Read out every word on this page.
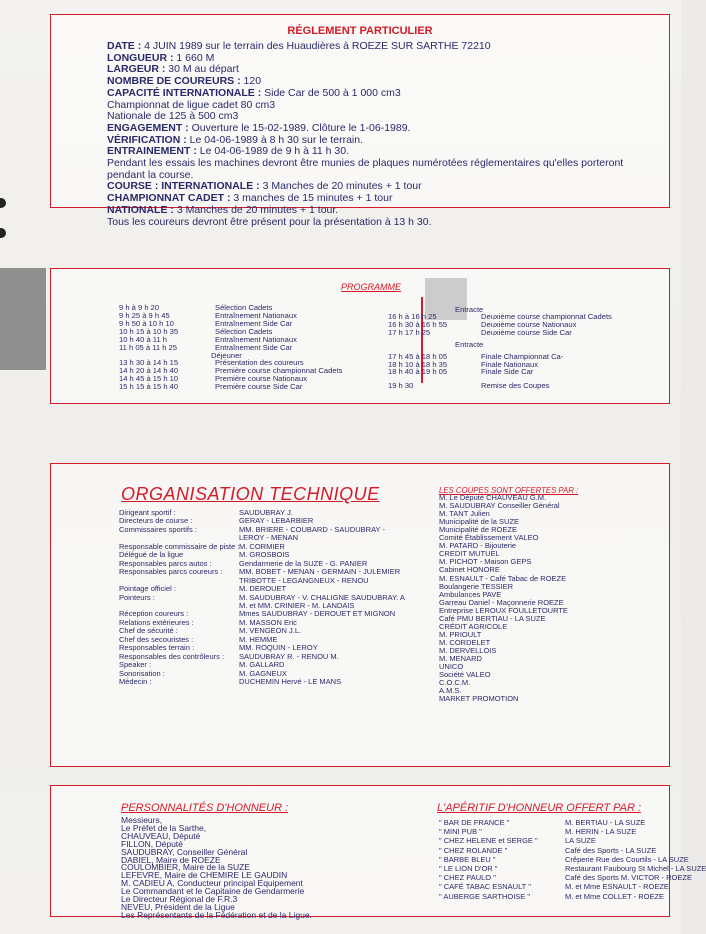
RÉGLEMENT PARTICULIER
DATE : 4 JUIN 1989 sur le terrain des Huaudières à ROEZE SUR SARTHE 72210
LONGUEUR : 1 660 M
LARGEUR : 30 M au départ
NOMBRE DE COUREURS : 120
CAPACITÉ INTERNATIONALE : Side Car de 500 à 1 000 cm3
Championnat de ligue cadet 80 cm3
Nationale de 125 à 500 cm3
ENGAGEMENT : Ouverture le 15-02-1989. Clôture le 1-06-1989.
VÉRIFICATION : Le 04-06-1989 à 8 h 30 sur le terrain.
ENTRAINEMENT : Le 04-06-1989 de 9 h à 11 h 30.
Pendant les essais les machines devront être munies de plaques numérotées réglementaires qu'elles porteront
pendant la course.
COURSE : INTERNATIONALE : 3 Manches de 20 minutes + 1 tour
CHAMPIONNAT CADET : 3 manches de 15 minutes + 1 tour
NATIONALE : 3 Manches de 20 minutes + 1 tour.
Tous les coureurs devront être présent pour la présentation à 13 h 30.
PROGRAMME
9 h à 9 h 20	Sélection Cadets
9 h 25 à 9 h 45	Entraînement Nationaux
9 h 50 à 10 h 10	Entraînement Side Car
10 h 15 à 10 h 35	Sélection Cadets
10 h 40 à 11 h	Entraînement Nationaux
11 h 05 à 11 h 25	Entraînement Side Car
Déjeuner
13 h 30 à 14 h 15	Présentation des coureurs
14 h 20 à 14 h 40	Première course championnat Cadets
14 h 45 à 15 h 10	Première course Nationaux
15 h 15 à 15 h 40	Première course Side Car
Entracte
16 h à 16 h 25	Deuxième course championnat Cadets
16 h 30 à 16 h 55	Deuxième course Nationaux
17 h 17 h 25	Deuxième course Side Car
Entracte
17 h 45 à 18 h 05	Finale Championnat Ca-
18 h 10 à 18 h 35	Finale Nationaux
18 h 40 à 19 h 05	Finale Side Car
19 h 30	Remise des Coupes
ORGANISATION TECHNIQUE
Dirigeant sportif :	SAUDUBRAY J.
Directeurs de course :	GERAY - LEBARBIER
Commissaires sportifs :	MM. BRIERE - COUBARD - SAUDUBRAY -
LEROY - MENAN
Responsable commissaire de piste : M. CORMIER
Délégué de la ligue	M. GROSBOIS
Responsables parcs autos :	Gendarmerie de la SUZE - G. PANIER
Responsables parcs coureurs : MM. BOBET - MENAN - GERMAIN - JULEMIER
TRIBOTTE - LEGANGNEUX - RENOU
Pointage officiel :	M. DEROUET
Pointeurs :	M. SAUDUBRAY - V. CHALIGNE SAUDUBRAY. A
M. et MM. CRINIER - M. LANDAIS
Réception coureurs :	Mmes SAUDUBRAY - DEROUET ET MIGNON
Relations extérieures :	M. MASSON Eric
Chef de sécurité :	M. VENGEON J.L.
Chef des secouristes :	M. HEMME
Responsables terrain :	MM. ROQUIN - LEROY
Responsables des contrôleurs : SAUDUBRAY R. - RENOU M.
Speaker :	M. GALLARD
Sonorisation :	M. GAGNEUX
Médecin :	DUCHEMIN Hervé - LE MANS
LES COUPES SONT OFFERTES PAR :
M. Le Député CHAUVEAU G.M.
M. SAUDUBRAY Conseiller Général
M. TANT Julien
Municipalité de la SUZE
Municipalité de ROEZE
Comité Établissement VALEO
M. PATARD - Bijouterie
CREDIT MUTUEL
M. PICHOT - Maison GEPS
Cabinet HONORE
M. ESNAULT - Café Tabac de ROEZE
Boulangerie TESSIER
Ambulances PAVE
Garreau Daniel - Maçonnerie ROEZE
Entreprise LEROUX FOULLETOURTE
Café PMU BERTIAU - LA SUZE
CRÉDIT AGRICOLE
M. PRIOULT
M. CORDELET
M. DERVELLOIS
M. MENARD
UNICO
Société VALEO
C.O.C.M.
A.M.S.
MARKET PROMOTION
PERSONNALITÉS D'HONNEUR :
Messieurs,
Le Préfet de la Sarthe,
CHAUVEAU, Député
FILLON, Député
SAUDUBRAY, Conseiller Général
DABIEL, Maire de ROEZE
COULOMBIER, Maire de la SUZE
LEFEVRE, Maire de CHEMIRE LE GAUDIN
M. CADIEU A, Conducteur principal Equipement
Le Commandant et le Capitaine de Gendarmerie
Le Directeur Régional de F.R.3
NEVEU, Président de la Ligue
Les Représentants de la Fédération et de la Ligue.
L'APÉRITIF D'HONNEUR OFFERT PAR :
" BAR DE FRANCE "	M. BERTIAU - LA SUZE
" MINI PUB "	M. HERIN - LA SUZE
" CHEZ HELENE et SERGE "	LA SUZE
" CHEZ ROLANDE "	Café des Sports - LA SUZE
" BARBE BLEU "	Crêperie Rue des Courtils - LA SUZE
" LE LION D'OR "	Restaurant Faubourg St Michel - LA SUZE
" CHEZ PAULO "	Café des Sports M. VICTOR - ROEZE
" CAFÉ TABAC ESNAULT "	M. et Mme ESNAULT - ROEZE
" AUBERGE SARTHOISE "	M. et Mme COLLET - ROEZE
